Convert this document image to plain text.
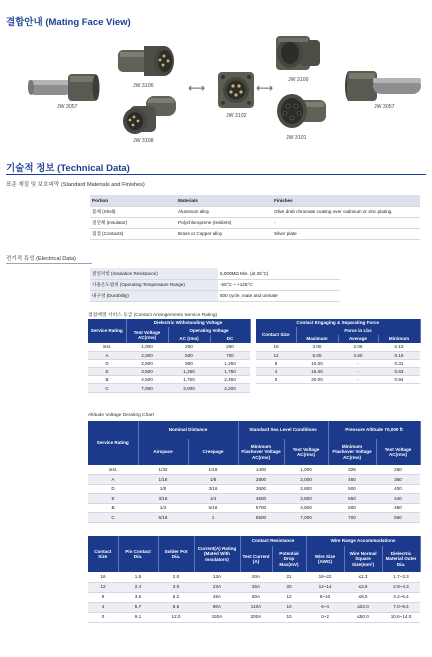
결합안내 (Mating Face View)
JW 3057
JW 3106
JW 3108
⟷	⟷
JW 3102
JW 3100
JW 3101
JW 3057
기술적 정보 (Technical Data)
표준 재질 및 보호피막 (Standard Materials and Finishes)
Portion	Materials	Finishes
몸체 (Shell)	Aluminum alloy	Olive drab chromate coating over cadmium or zinc plating.
절연체 (Insulator)	Polychloroprene (resilient)	-
접점 (Contacts)	Brass or Copper alloy	Silver plate
전기적 특성 (Electrical Data)
절연저항 (Insulation Resistance)	5,000MΩ Min. (at 25°C)
사용온도범위 (Operating Temperature Range)	-55°C ~ +125°C
내구성 (Durability)	500 cycle, mate and unmate
접점배열 서비스 등급 (Contact Arrangements Service Rating)
Service Rating	Dielectric Withstanding Voltage		
	Test Voltage AC(rms)	Operating Voltage	
		AC (rms)	DC
inst.	1,000	200	250
A	2,000	500	700
D	2,800	900	1,250
E	3,500	1,250	1,750
B	4,500	1,750	2,450
C	7,000	3,000	4,200
Contact Engaging & Separating Force			
Contact Size	Force in Lbs		
	Maximum	Average	Minimum
16	3.00	2.06	0.13
12	5.00	3.50	0.19
8	10.00	-	0.31
4	15.00	-	0.63
0	20.00	-	0.94
Altitude Voltage Derating Chart
Service Rating	Nominal Distance		Standard Sea Level Conditions		Pressure Altitude 70,000 ft	
	Airspace	Creepage	Minimum Flashover Voltage AC(rms)	Test Voltage AC(rms)	Minimum Flashover Voltage AC(rms)	Test Voltage AC(rms)
inst.	1/32	1/16	1400	1,000	325	260
A	1/16	1/8	2800	2,000	450	360
D	1/8	3/16	3600	2,800	500	400
E	3/16	1/4	4500	3,500	550	440
B	1/4	5/16	5700	4,500	600	480
C	5/16	1	8500	7,000	700	560
Contact Size	Pin Contact Dia.	Solder Pot Dia.	Current(A) Rating (Mated With Insulators)	Contact Resistance		Wire Range Accommodations		
				Test Current (A)	Potential Drop Max(mV)	Wire Size (AWG)	Wire Normal Square Size(mm²)	Dielectric Material Outer Dia.
16	1.6	2.0	13A	20A	21	16~22	≤1.3	1.7~3.3
12	2.4	3.0	23A	35A	20	12~14	≤3.5	2.9~4.3
8	3.6	5.2	46A	60A	12	8~10	≤8.0	4.2~6.4
4	5.7	8.5	80A	110A	10	6~4	≤22.0	7.0~9.4
0	9.1	12.0	150A	200A	10	0~2	≤50.0	10.6~14.0
